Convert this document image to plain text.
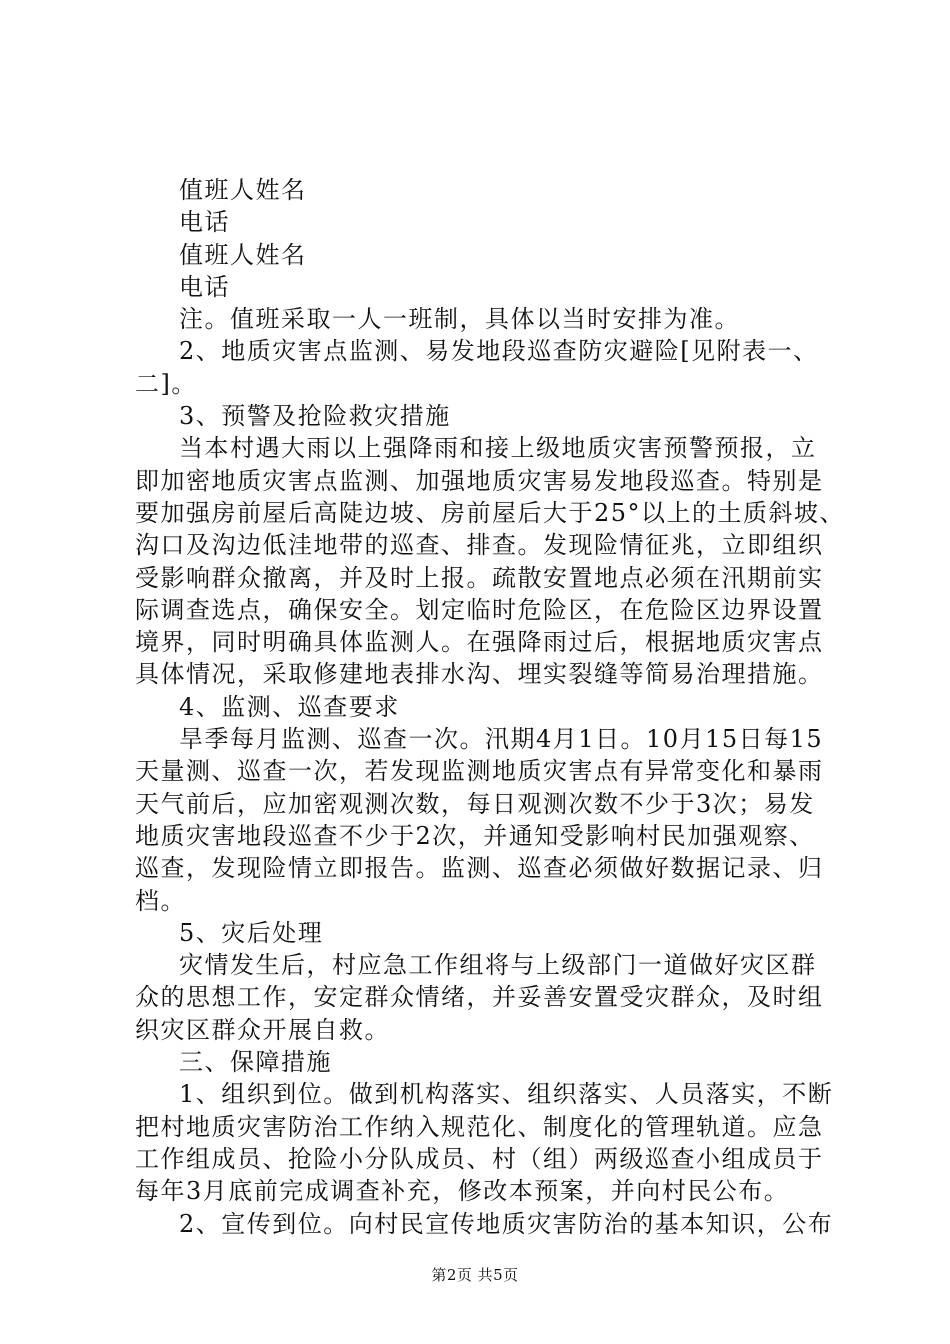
值班人姓名
电话
值班人姓名
电话
注。值班采取一人一班制，具体以当时安排为准。
2、地质灾害点监测、易发地段巡查防灾避险[见附表一、
二]。
3、预警及抢险救灾措施
当本村遇大雨以上强降雨和接上级地质灾害预警预报，立
即加密地质灾害点监测、加强地质灾害易发地段巡查。特别是
要加强房前屋后高陡边坡、房前屋后大于25°以上的土质斜坡、
沟口及沟边低洼地带的巡查、排查。发现险情征兆，立即组织
受影响群众撤离，并及时上报。疏散安置地点必须在汛期前实
际调查选点，确保安全。划定临时危险区，在危险区边界设置
境界，同时明确具体监测人。在强降雨过后，根据地质灾害点
具体情况，采取修建地表排水沟、埋实裂缝等简易治理措施。
4、监测、巡查要求
旱季每月监测、巡查一次。汛期4月1日。10月15日每15
天量测、巡查一次，若发现监测地质灾害点有异常变化和暴雨
天气前后，应加密观测次数，每日观测次数不少于3次；易发
地质灾害地段巡查不少于2次，并通知受影响村民加强观察、
巡查，发现险情立即报告。监测、巡查必须做好数据记录、归
档。
5、灾后处理
灾情发生后，村应急工作组将与上级部门一道做好灾区群
众的思想工作，安定群众情绪，并妥善安置受灾群众，及时组
织灾区群众开展自救。
三、保障措施
1、组织到位。做到机构落实、组织落实、人员落实，不断
把村地质灾害防治工作纳入规范化、制度化的管理轨道。应急
工作组成员、抢险小分队成员、村（组）两级巡查小组成员于
每年3月底前完成调查补充，修改本预案，并向村民公布。
2、宣传到位。向村民宣传地质灾害防治的基本知识，公布
第2页 共5页
